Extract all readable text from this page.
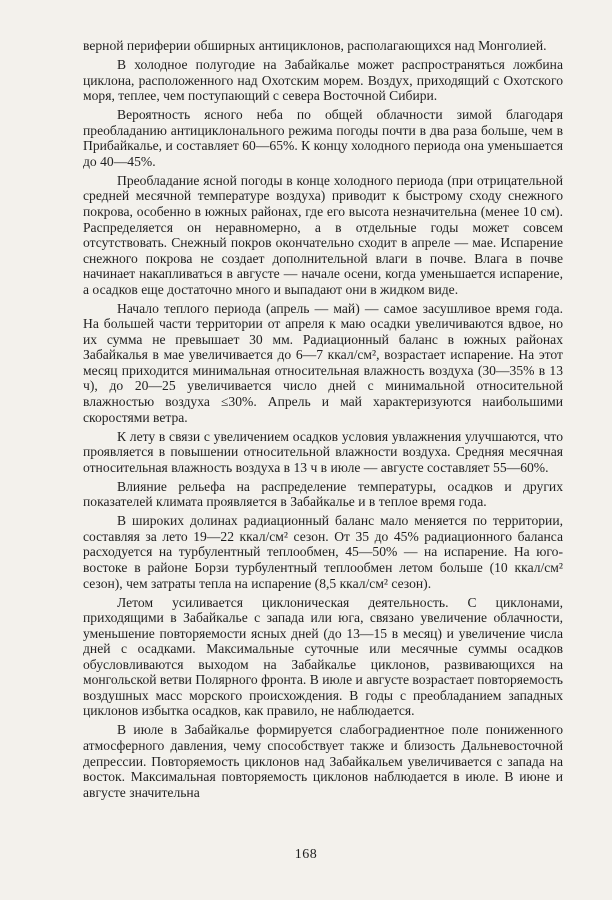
верной периферии обширных антициклонов, располагающихся над Монголией.

В холодное полугодие на Забайкалье может распространяться ложбина циклона, расположенного над Охотским морем. Воздух, приходящий с Охотского моря, теплее, чем поступающий с севера Восточной Сибири.

Вероятность ясного неба по общей облачности зимой благодаря преобладанию антициклонального режима погоды почти в два раза больше, чем в Прибайкалье, и составляет 60—65%. К концу холодного периода она уменьшается до 40—45%.

Преобладание ясной погоды в конце холодного периода (при отрицательной средней месячной температуре воздуха) приводит к быстрому сходу снежного покрова, особенно в южных районах, где его высота незначительна (менее 10 см). Распределяется он неравномерно, а в отдельные годы может совсем отсутствовать. Снежный покров окончательно сходит в апреле — мае. Испарение снежного покрова не создает дополнительной влаги в почве. Влага в почве начинает накапливаться в августе — начале осени, когда уменьшается испарение, а осадков еще достаточно много и выпадают они в жидком виде.

Начало теплого периода (апрель — май) — самое засушливое время года. На большей части территории от апреля к маю осадки увеличиваются вдвое, но их сумма не превышает 30 мм. Радиационный баланс в южных районах Забайкалья в мае увеличивается до 6—7 ккал/см², возрастает испарение. На этот месяц приходится минимальная относительная влажность воздуха (30—35% в 13 ч), до 20—25 увеличивается число дней с минимальной относительной влажностью воздуха ≤30%. Апрель и май характеризуются наибольшими скоростями ветра.

К лету в связи с увеличением осадков условия увлажнения улучшаются, что проявляется в повышении относительной влажности воздуха. Средняя месячная относительная влажность воздуха в 13 ч в июле — августе составляет 55—60%.

Влияние рельефа на распределение температуры, осадков и других показателей климата проявляется в Забайкалье и в теплое время года.

В широких долинах радиационный баланс мало меняется по территории, составляя за лето 19—22 ккал/см² сезон. От 35 до 45% радиационного баланса расходуется на турбулентный теплообмен, 45—50% — на испарение. На юго-востоке в районе Борзи турбулентный теплообмен летом больше (10 ккал/см² сезон), чем затраты тепла на испарение (8,5 ккал/см² сезон).

Летом усиливается циклоническая деятельность. С циклонами, приходящими в Забайкалье с запада или юга, связано увеличение облачности, уменьшение повторяемости ясных дней (до 13—15 в месяц) и увеличение числа дней с осадками. Максимальные суточные или месячные суммы осадков обусловливаются выходом на Забайкалье циклонов, развивающихся на монгольской ветви Полярного фронта. В июле и августе возрастает повторяемость воздушных масс морского происхождения. В годы с преобладанием западных циклонов избытка осадков, как правило, не наблюдается.

В июле в Забайкалье формируется слабоградиентное поле пониженного атмосферного давления, чему способствует также и близость Дальневосточной депрессии. Повторяемость циклонов над Забайкальем увеличивается с запада на восток. Максимальная повторяемость циклонов наблюдается в июле. В июне и августе значительна

168
